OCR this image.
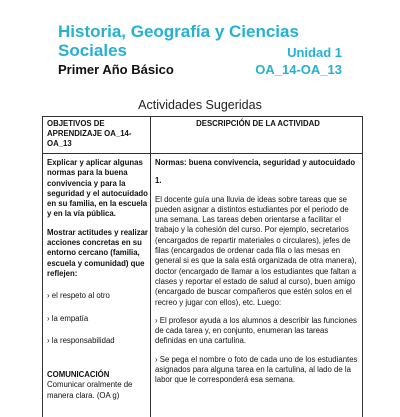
Historia, Geografía y Ciencias Sociales	Unidad 1
Primer Año Básico	OA_14-OA_13
Actividades Sugeridas
OBJETIVOS DE APRENDIZAJE OA_14-OA_13
DESCRIPCIÓN DE LA ACTIVIDAD

Explicar y aplicar algunas normas para la buena convivencia y para la seguridad y el autocuidado en su familia, en la escuela y en la vía pública.

Mostrar actitudes y realizar acciones concretas en su entorno cercano (familia, escuela y comunidad) que reflejen:

› el respeto al otro

› la empatía

› la responsabilidad

COMUNICACIÓN

Comunicar oralmente de manera clara. (OA g)

Normas: buena convivencia, seguridad y autocuidado

1.

El docente guía una lluvia de ideas sobre tareas que se pueden asignar a distintos estudiantes por el periodo de una semana. Las tareas deben orientarse a facilitar el trabajo y la cohesión del curso. Por ejemplo, secretarios (encargados de repartir materiales o circulares), jefes de filas (encargados de ordenar cada fila o las mesas en general si es que la sala está organizada de otra manera), doctor (encargado de llamar a los estudiantes que faltan a clases y reportar el estado de salud al curso), buen amigo (encargado de buscar compañeros que estén solos en el recreo y jugar con ellos), etc. Luego:

› El profesor ayuda a los alumnos a describir las funciones de cada tarea y, en conjunto, enumeran las tareas definidas en una cartulina.

› Se pega el nombre o foto de cada uno de los estudiantes asignados para alguna tarea en la cartulina, al lado de la labor que le corresponderá esa semana.
